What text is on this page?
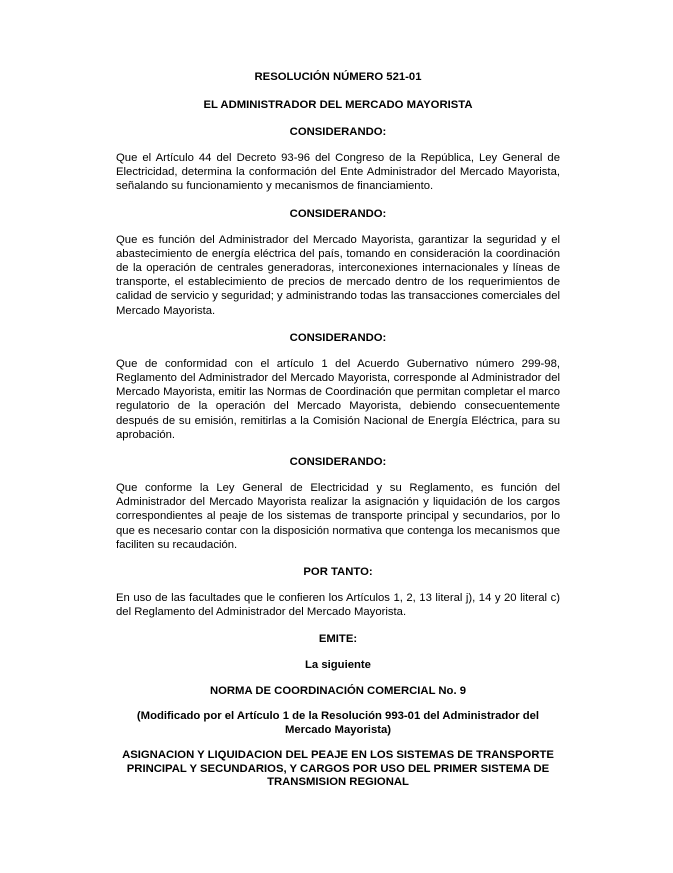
RESOLUCIÓN NÚMERO 521-01

EL ADMINISTRADOR DEL MERCADO MAYORISTA

CONSIDERANDO:

Que el Artículo 44 del Decreto 93-96 del Congreso de la República, Ley General de Electricidad, determina la conformación del Ente Administrador del Mercado Mayorista, señalando su funcionamiento y mecanismos de financiamiento.

CONSIDERANDO:

Que es función del Administrador del Mercado Mayorista, garantizar la seguridad y el abastecimiento de energía eléctrica del país, tomando en consideración la coordinación de la operación de centrales generadoras, interconexiones internacionales y líneas de transporte, el establecimiento de precios de mercado dentro de los requerimientos de calidad de servicio y seguridad; y administrando todas las transacciones comerciales del Mercado Mayorista.

CONSIDERANDO:

Que de conformidad con el artículo 1 del Acuerdo Gubernativo número 299-98, Reglamento del Administrador del Mercado Mayorista, corresponde al Administrador del Mercado Mayorista, emitir las Normas de Coordinación que permitan completar el marco regulatorio de la operación del Mercado Mayorista, debiendo consecuentemente después de su emisión, remitirlas a la Comisión Nacional de Energía Eléctrica, para su aprobación.

CONSIDERANDO:

Que conforme la Ley General de Electricidad y su Reglamento, es función del Administrador del Mercado Mayorista realizar la asignación y liquidación de los cargos correspondientes al peaje de los sistemas de transporte principal y secundarios, por lo que es necesario contar con la disposición normativa que contenga los mecanismos que faciliten su recaudación.

POR TANTO:

En uso de las facultades que le confieren los Artículos 1, 2, 13 literal j), 14 y 20 literal c) del Reglamento del Administrador del Mercado Mayorista.

EMITE:

La siguiente

NORMA DE COORDINACIÓN COMERCIAL No. 9

(Modificado por el Artículo 1 de la Resolución 993-01 del Administrador del Mercado Mayorista)

ASIGNACION Y LIQUIDACION DEL PEAJE EN LOS SISTEMAS DE TRANSPORTE PRINCIPAL Y SECUNDARIOS, Y CARGOS POR USO DEL PRIMER SISTEMA DE TRANSMISION REGIONAL
